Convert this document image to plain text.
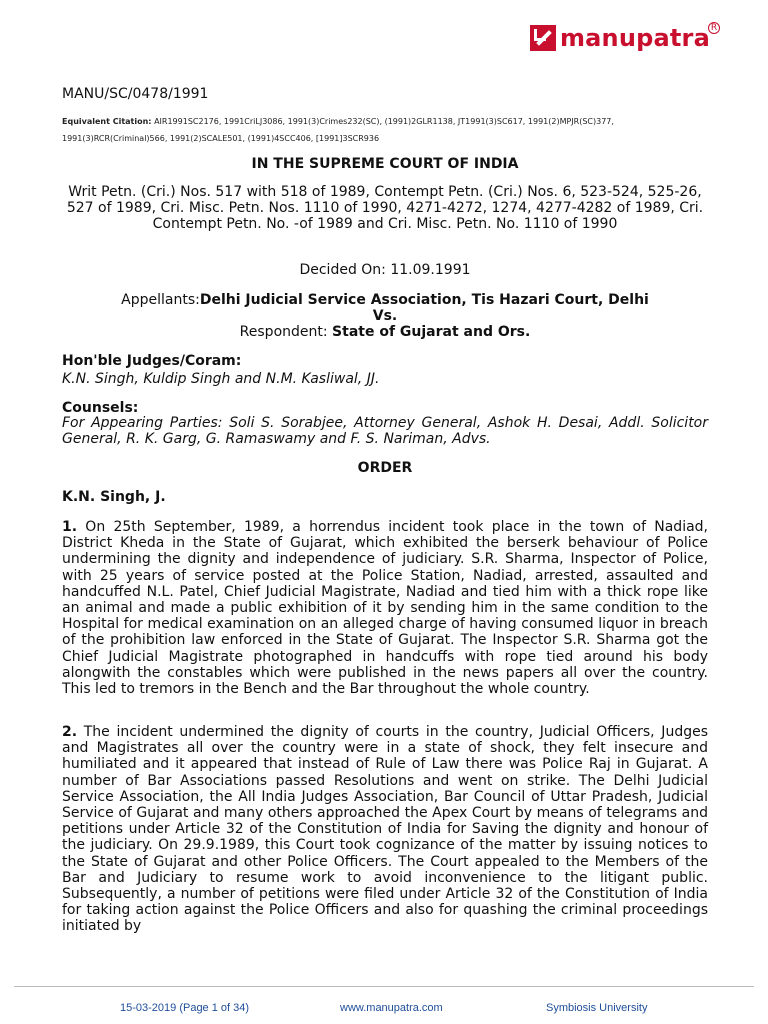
manupatra R
MANU/SC/0478/1991
Equivalent Citation: AIR1991SC2176, 1991CriLJ3086, 1991(3)Crimes232(SC), (1991)2GLR1138, JT1991(3)SC617, 1991(2)MPJR(SC)377, 1991(3)RCR(Criminal)566, 1991(2)SCALE501, (1991)4SCC406, [1991]3SCR936
IN THE SUPREME COURT OF INDIA
Writ Petn. (Cri.) Nos. 517 with 518 of 1989, Contempt Petn. (Cri.) Nos. 6, 523-524, 525-26, 527 of 1989, Cri. Misc. Petn. Nos. 1110 of 1990, 4271-4272, 1274, 4277-4282 of 1989, Cri. Contempt Petn. No. -of 1989 and Cri. Misc. Petn. No. 1110 of 1990
Decided On: 11.09.1991
Appellants:Delhi Judicial Service Association, Tis Hazari Court, Delhi
Vs.
Respondent: State of Gujarat and Ors.
Hon'ble Judges/Coram:
K.N. Singh, Kuldip Singh and N.M. Kasliwal, JJ.
Counsels:
For Appearing Parties: Soli S. Sorabjee, Attorney General, Ashok H. Desai, Addl. Solicitor General, R. K. Garg, G. Ramaswamy and F. S. Nariman, Advs.
ORDER
K.N. Singh, J.
1. On 25th September, 1989, a horrendus incident took place in the town of Nadiad, District Kheda in the State of Gujarat, which exhibited the berserk behaviour of Police undermining the dignity and independence of judiciary. S.R. Sharma, Inspector of Police, with 25 years of service posted at the Police Station, Nadiad, arrested, assaulted and handcuffed N.L. Patel, Chief Judicial Magistrate, Nadiad and tied him with a thick rope like an animal and made a public exhibition of it by sending him in the same condition to the Hospital for medical examination on an alleged charge of having consumed liquor in breach of the prohibition law enforced in the State of Gujarat. The Inspector S.R. Sharma got the Chief Judicial Magistrate photographed in handcuffs with rope tied around his body alongwith the constables which were published in the news papers all over the country. This led to tremors in the Bench and the Bar throughout the whole country.
2. The incident undermined the dignity of courts in the country, Judicial Officers, Judges and Magistrates all over the country were in a state of shock, they felt insecure and humiliated and it appeared that instead of Rule of Law there was Police Raj in Gujarat. A number of Bar Associations passed Resolutions and went on strike. The Delhi Judicial Service Association, the All India Judges Association, Bar Council of Uttar Pradesh, Judicial Service of Gujarat and many others approached the Apex Court by means of telegrams and petitions under Article 32 of the Constitution of India for Saving the dignity and honour of the judiciary. On 29.9.1989, this Court took cognizance of the matter by issuing notices to the State of Gujarat and other Police Officers. The Court appealed to the Members of the Bar and Judiciary to resume work to avoid inconvenience to the litigant public. Subsequently, a number of petitions were filed under Article 32 of the Constitution of India for taking action against the Police Officers and also for quashing the criminal proceedings initiated by
15-03-2019 (Page 1 of 34)	www.manupatra.com	Symbiosis University
